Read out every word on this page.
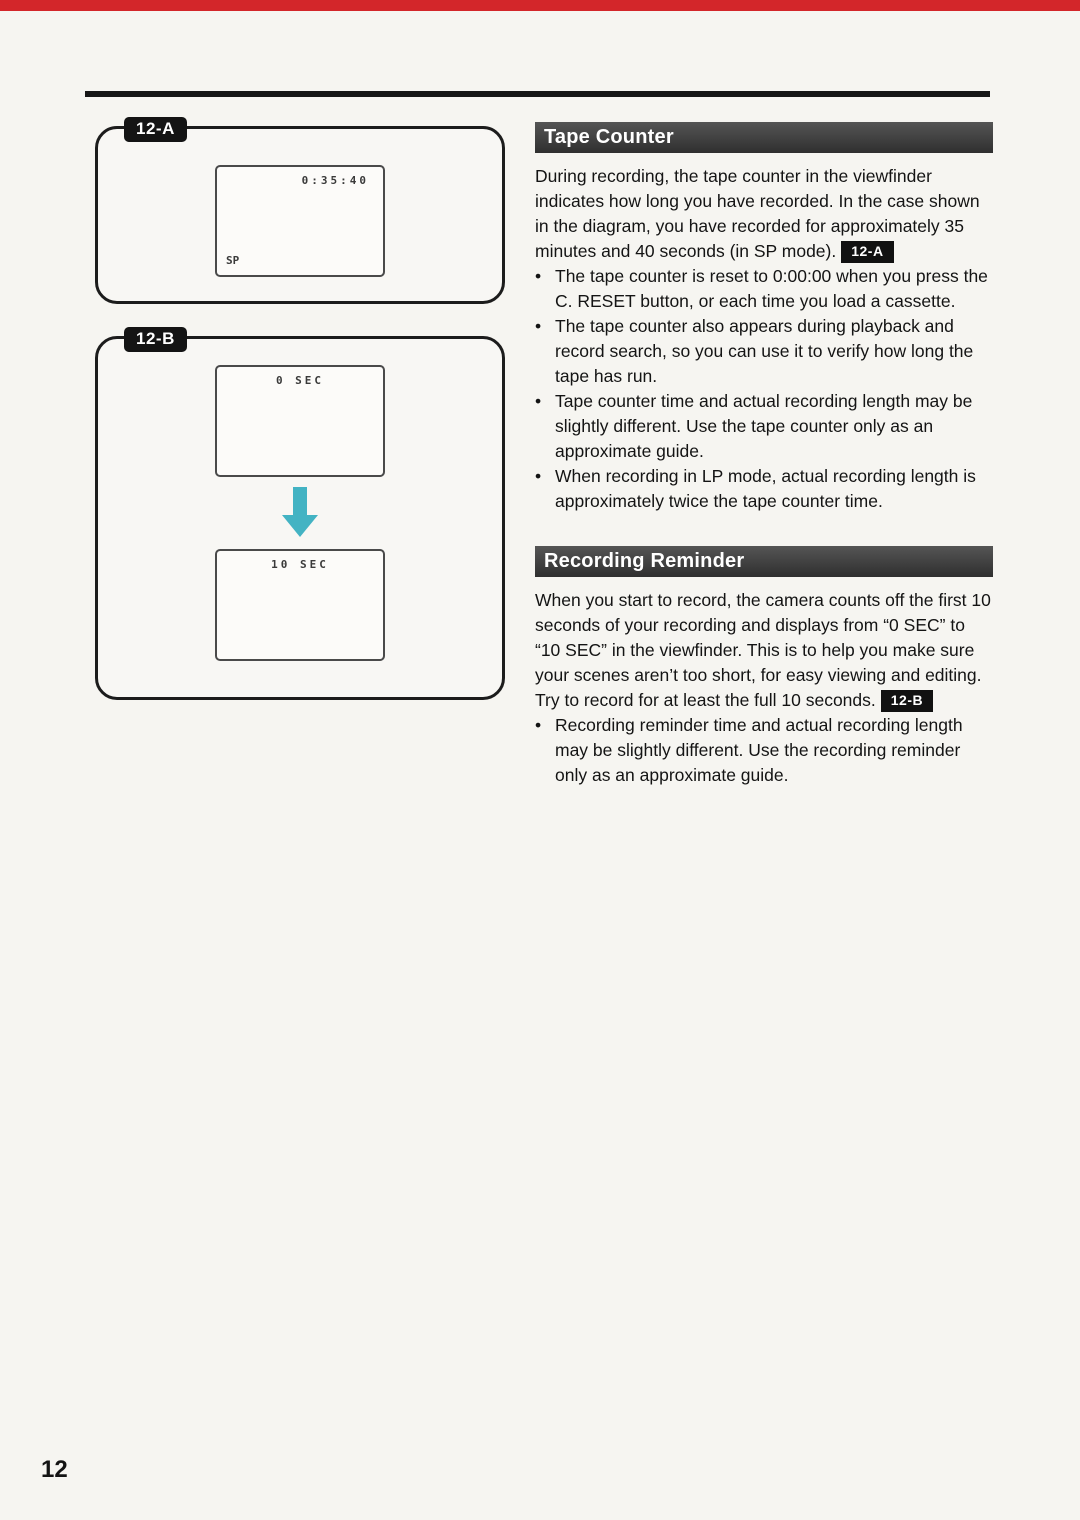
12-A
0:35:40
SP
12-B
0 SEC
10 SEC
Tape Counter

During recording, the tape counter in the viewfinder indicates how long you have recorded. In the case shown in the diagram, you have recorded for approximately 35 minutes and 40 seconds (in SP mode). 12-A

• The tape counter is reset to 0:00:00 when you press the C. RESET button, or each time you load a cassette.
• The tape counter also appears during playback and record search, so you can use it to verify how long the tape has run.
• Tape counter time and actual recording length may be slightly different. Use the tape counter only as an approximate guide.
• When recording in LP mode, actual recording length is approximately twice the tape counter time.
Recording Reminder

When you start to record, the camera counts off the first 10 seconds of your recording and displays from “0 SEC” to “10 SEC” in the viewfinder. This is to help you make sure your scenes aren’t too short, for easy viewing and editing. Try to record for at least the full 10 seconds. 12-B

• Recording reminder time and actual recording length may be slightly different. Use the recording reminder only as an approximate guide.
12
